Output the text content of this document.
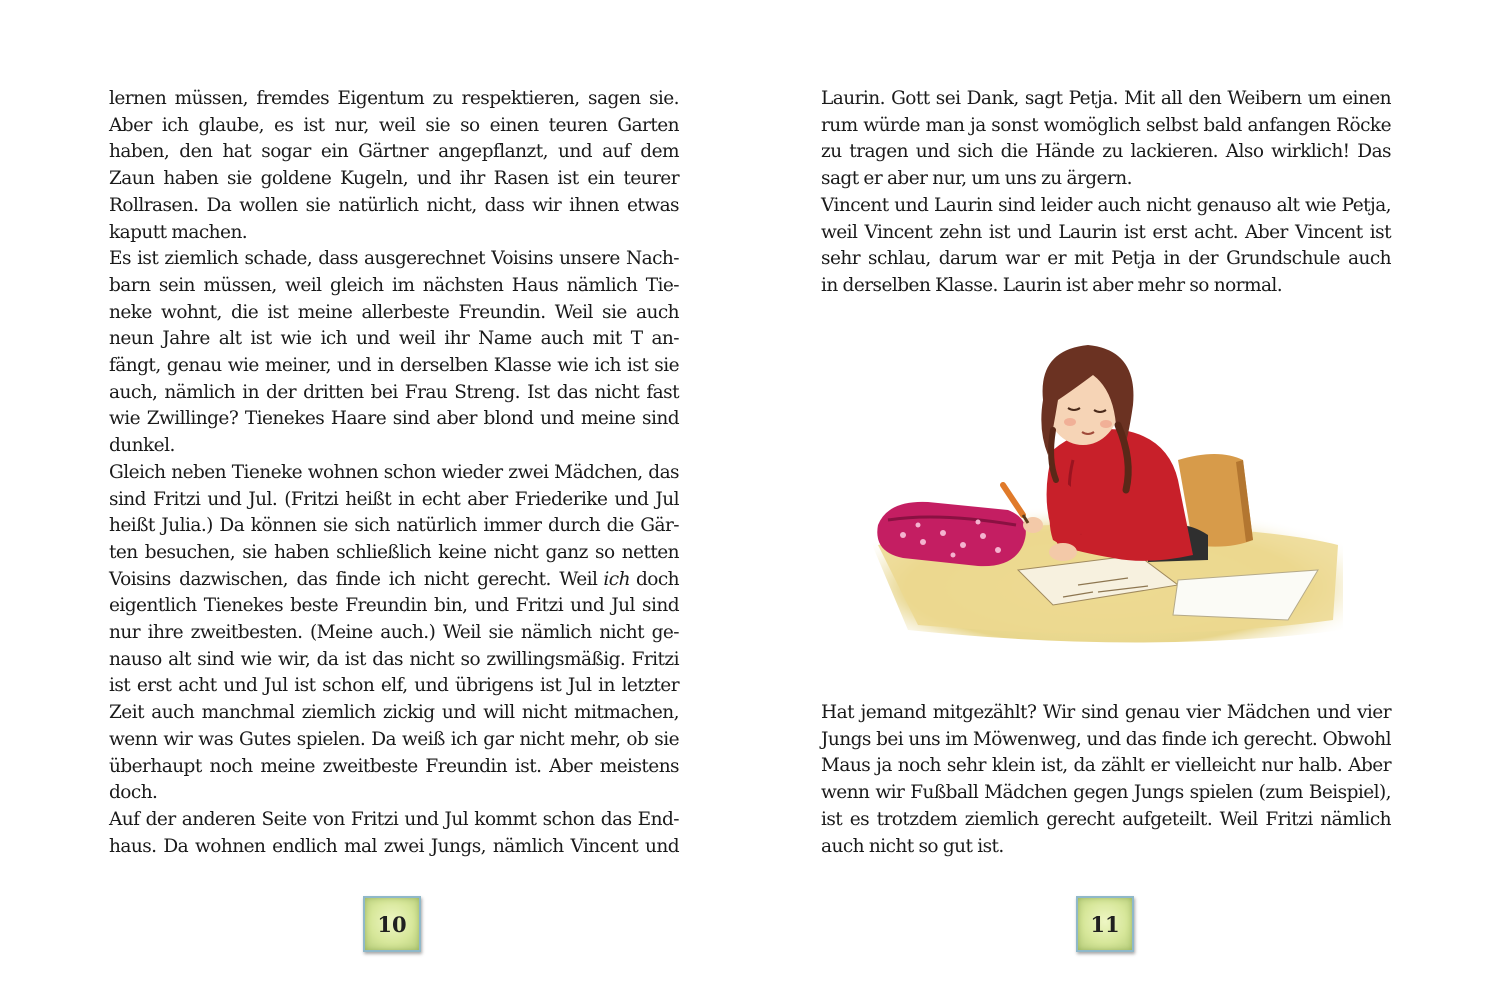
lernen müssen, fremdes Eigentum zu respektieren, sagen sie.
Aber ich glaube, es ist nur, weil sie so einen teuren Garten
haben, den hat sogar ein Gärtner angepflanzt, und auf dem
Zaun haben sie goldene Kugeln, und ihr Rasen ist ein teurer
Rollrasen. Da wollen sie natürlich nicht, dass wir ihnen etwas
kaputt machen.
Es ist ziemlich schade, dass ausgerechnet Voisins unsere Nach-
barn sein müssen, weil gleich im nächsten Haus nämlich Tie-
neke wohnt, die ist meine allerbeste Freundin. Weil sie auch
neun Jahre alt ist wie ich und weil ihr Name auch mit T an-
fängt, genau wie meiner, und in derselben Klasse wie ich ist sie
auch, nämlich in der dritten bei Frau Streng. Ist das nicht fast
wie Zwillinge? Tienekes Haare sind aber blond und meine sind
dunkel.
Gleich neben Tieneke wohnen schon wieder zwei Mädchen, das
sind Fritzi und Jul. (Fritzi heißt in echt aber Friederike und Jul
heißt Julia.) Da können sie sich natürlich immer durch die Gär-
ten besuchen, sie haben schließlich keine nicht ganz so netten
Voisins dazwischen, das finde ich nicht gerecht. Weil ich doch
eigentlich Tienekes beste Freundin bin, und Fritzi und Jul sind
nur ihre zweitbesten. (Meine auch.) Weil sie nämlich nicht ge-
nauso alt sind wie wir, da ist das nicht so zwillingsmäßig. Fritzi
ist erst acht und Jul ist schon elf, und übrigens ist Jul in letzter
Zeit auch manchmal ziemlich zickig und will nicht mitmachen,
wenn wir was Gutes spielen. Da weiß ich gar nicht mehr, ob sie
überhaupt noch meine zweitbeste Freundin ist. Aber meistens
doch.
Auf der anderen Seite von Fritzi und Jul kommt schon das End-
haus. Da wohnen endlich mal zwei Jungs, nämlich Vincent und
10
Laurin. Gott sei Dank, sagt Petja. Mit all den Weibern um einen
rum würde man ja sonst womöglich selbst bald anfangen Röcke
zu tragen und sich die Hände zu lackieren. Also wirklich! Das
sagt er aber nur, um uns zu ärgern.
Vincent und Laurin sind leider auch nicht genauso alt wie Petja,
weil Vincent zehn ist und Laurin ist erst acht. Aber Vincent ist
sehr schlau, darum war er mit Petja in der Grundschule auch
in derselben Klasse. Laurin ist aber mehr so normal.
Hat jemand mitgezählt? Wir sind genau vier Mädchen und vier
Jungs bei uns im Möwenweg, und das finde ich gerecht. Obwohl
Maus ja noch sehr klein ist, da zählt er vielleicht nur halb. Aber
wenn wir Fußball Mädchen gegen Jungs spielen (zum Beispiel),
ist es trotzdem ziemlich gerecht aufgeteilt. Weil Fritzi nämlich
auch nicht so gut ist.
11
